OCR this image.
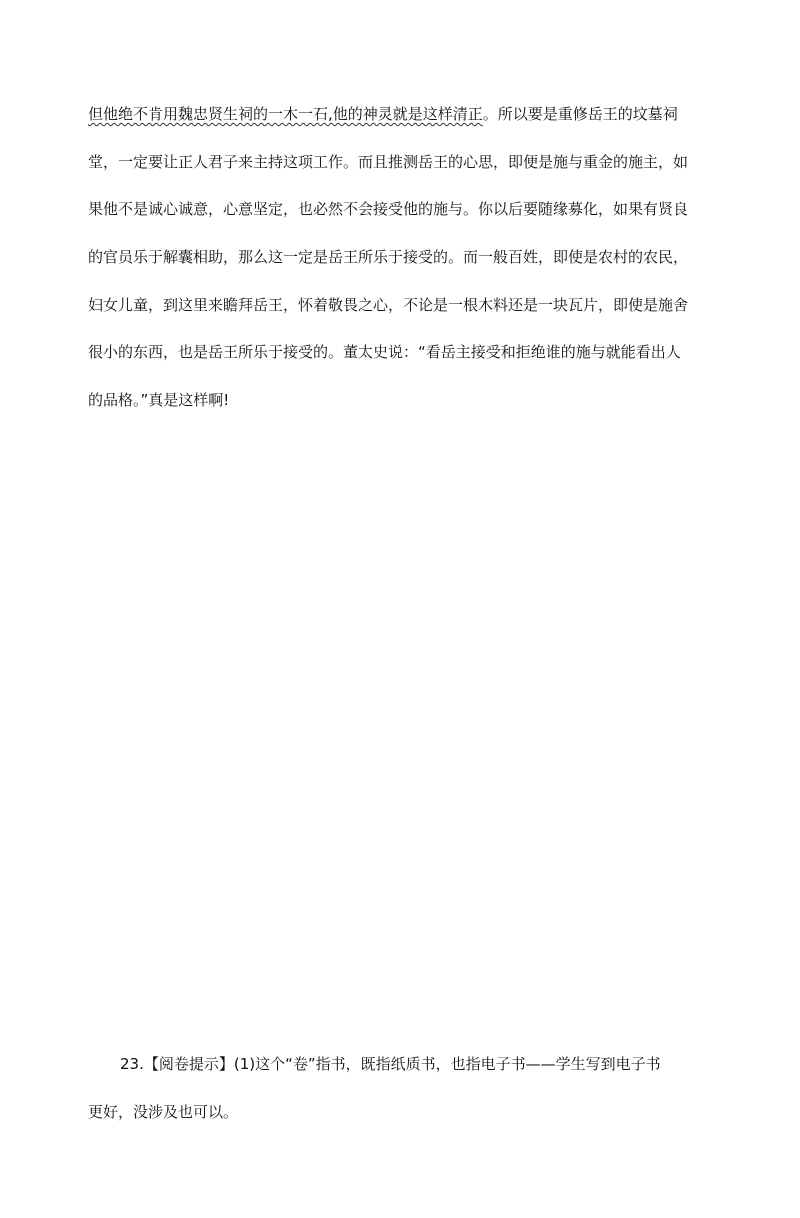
但他绝不肯用魏忠贤生祠的一木一石,他的神灵就是这样清正。所以要是重修岳王的坟墓祠
堂，一定要让正人君子来主持这项工作。而且推测岳王的心思，即便是施与重金的施主，如
果他不是诚心诚意，心意坚定，也必然不会接受他的施与。你以后要随缘募化，如果有贤良
的官员乐于解囊相助，那么这一定是岳王所乐于接受的。而一般百姓，即使是农村的农民，
妇女儿童，到这里来瞻拜岳王，怀着敬畏之心，不论是一根木料还是一块瓦片，即使是施舍
很小的东西，也是岳王所乐于接受的。董太史说：“看岳主接受和拒绝谁的施与就能看出人
的品格。”真是这样啊!
23.【阅卷提示】(1)这个“卷”指书，既指纸质书，也指电子书——学生写到电子书
更好，没涉及也可以。
